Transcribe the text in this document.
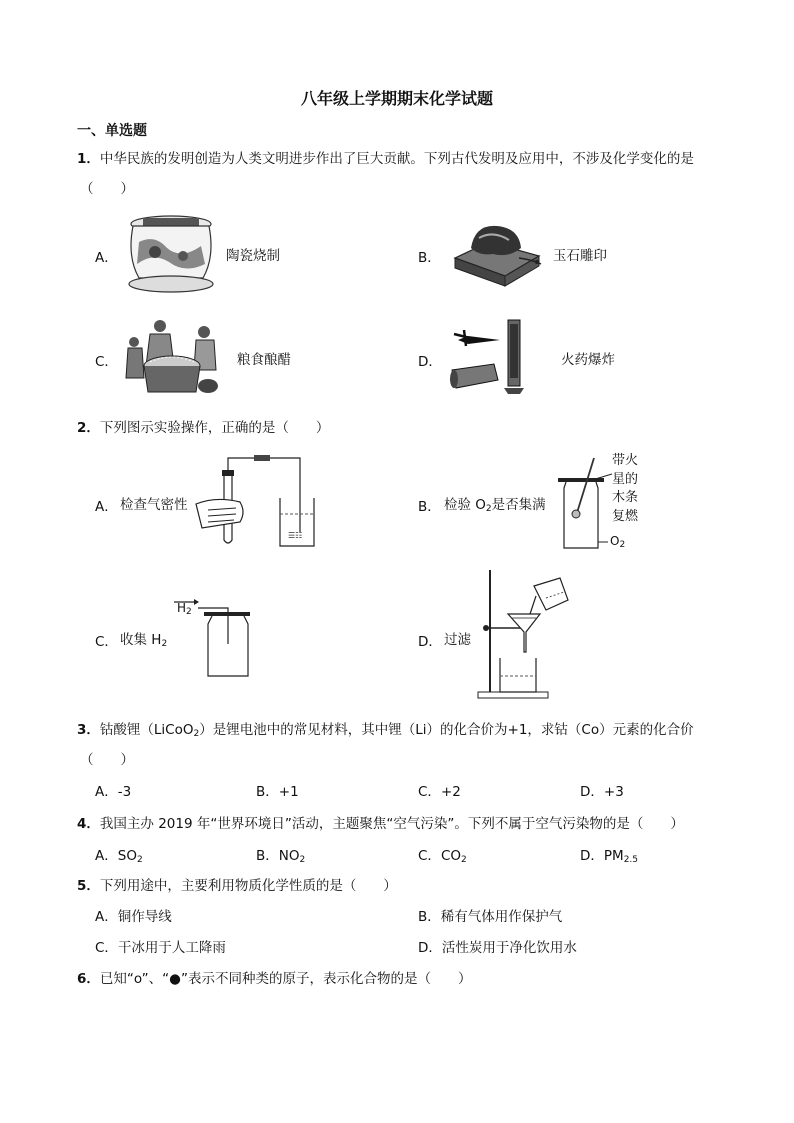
八年级上学期期末化学试题
一、单选题
1．中华民族的发明创造为人类文明进步作出了巨大贡献。下列古代发明及应用中，不涉及化学变化的是
（　　）
A．	陶瓷烧制	B．	玉石雕印
C．	粮食酿醋	D．	火药爆炸
2．下列图示实验操作，正确的是（　　）
A． 检查气密性
☰☷
B． 检验 $O_2$是否集满
带火
星的
木条
复燃
$O_2$
C． 收集 $H_2$
$H_2$
D． 过滤
3．钴酸锂（LiCoO$_2$）是锂电池中的常见材料，其中锂（Li）的化合价为+1，求钴（Co）元素的化合价
（　　）
A．-3	B．+1	C．+2	D．+3
4．我国主办 2019 年“世界环境日”活动，主题聚焦“空气污染”。下列不属于空气污染物的是（　　）
A．$SO_2$	B．$NO_2$	C．$CO_2$	D．$PM_{2.5}$
5．下列用途中，主要利用物质化学性质的是（　　）
A．铜作导线	B．稀有气体用作保护气
C．干冰用于人工降雨	D．活性炭用于净化饮用水
6．已知“o”、“●”表示不同种类的原子，表示化合物的是（　　）
